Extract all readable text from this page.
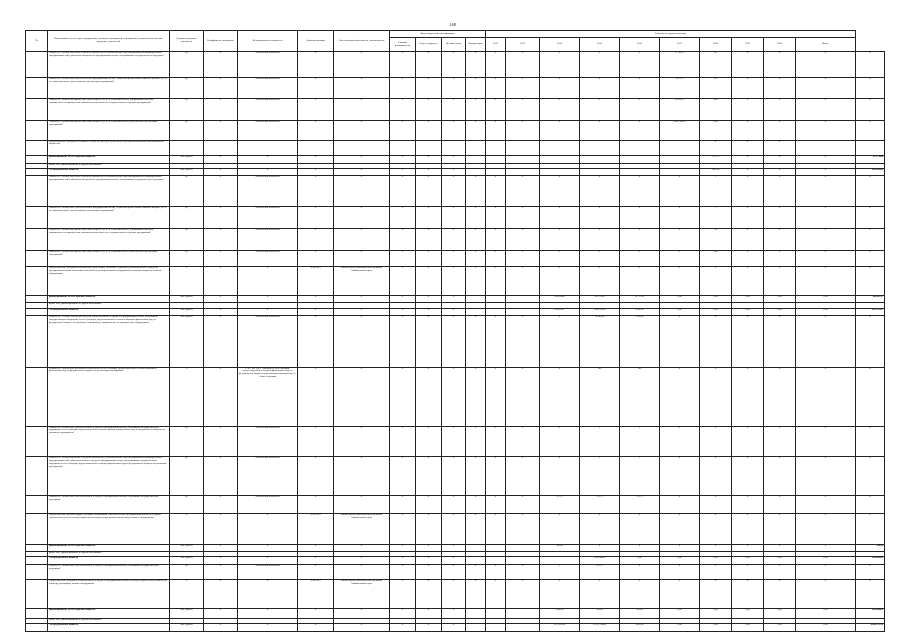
148
№	Наименование целей, задач, подпрограмм, основных мероприятий, мероприятий, ведомственных целевых программ, показателей	Единица измерения показателя	Коэффициент значимости	Методика расчета показателя	Сроки реализации	Ответственный исполнитель, соисполнитель	Коды бюджетной классификации				Значения по годам реализации										
							Главный распорядитель	Раздел, подраздел	Целевая статья	Вид расходов	2012	2013	2014	2015	2016	2017	2018	2019	2020	Итого	
	Показатель "Количество вновь созданных рабочих мест (включая вновь зарегистрированных индивидуальных предпринимателей) субъектами молодежного предпринимательства, получившими государственную поддержку"	ед.	Х	Абсолютный показатель	Х	Х	Х	Х	Х	Х	Х	Х	Х	Х	Х	27 (103*)	43	Х	Х	Х	Х
	Показатель "Количество субъектов малого предпринимательства, созданных физическими лицами в возрасте до 30 лет (включительно), вовлеченными в реализацию мероприятий"	ед.	Х	Абсолютный показатель	Х	Х	Х	Х	Х	Х	Х	Х	Х	Х	Х	20 (76*)	43	Х	Х	Х	Х
	Показатель "Количество физических лиц в возрасте до 30 лет (включительно), завершивших обучение, направленное на приобретение навыков ведения бизнеса и создания малых и средних предприятий"	ед.	Х	Абсолютный показатель	Х	Х	Х	Х	Х	Х	Х	Х	Х	Х	Х	76 (560*)	430	Х	Х	Х	Х
	Показатель "Количество физических лиц в возрасте до 30 лет (включительно), вовлеченных в реализацию мероприятий"	ед.	Х	Абсолютный показатель	Х	Х	Х	Х	Х	Х	Х	Х	Х	Х	Х	7500 (3650*)	3143	Х	Х	Х	Х
	Предоставление субсидии на создание и (или) обеспечение деятельности центров молодежного инновационного творчества																Х	Х	Х		
	финансирование за счет краевого бюджета	тыс. рублей	Х	Х	Х	Х	Х	Х	Х								115,75	Х	Х	Х	115,75000
	кроме того, финансирование из других источников:																				
	- из федерального бюджета	тыс. рублей	Х	Х	Х	Х	Х	Х	Х								2439,96	Х	Х	Х	2439,96000
	Показатель "Количество вновь созданных рабочих мест (включая вновь зарегистрированных индивидуальных предпринимателей) субъектами молодежного предпринимательства, получившими государственную поддержку"	ед.	Х	Абсолютный показатель	Х	Х	Х	Х	Х	Х	Х	Х	Х	Х	Х	Х	3	Х	Х	Х	Х
	Показатель "Количество субъектов малого предпринимательства, созданных физическими лицами в возрасте до 30 лет (включительно), вовлеченными в реализацию мероприятий"	ед.	Х	Абсолютный показатель	Х	Х	Х	Х	Х	Х	Х	Х	Х	Х	Х	Х	1	Х	Х	Х	Х
	Показатель "Количество физических лиц в возрасте до 30 лет (включительно), завершивших обучение, направленное на приобретение навыков ведения бизнеса и создания малых и средних предприятий"	ед.	Х	Абсолютный показатель	Х	Х	Х	Х	Х	Х	Х	Х	Х	Х	Х	Х	50	Х	Х	Х	Х
	Показатель "Количество физических лиц в возрасте до 30 лет (включительно), вовлеченных в реализацию мероприятий"	ед.	Х	Абсолютный показатель	Х	Х	Х	Х	Х	Х	Х	Х	Х	Х	Х	Х	500	Х	Х	Х	Х
	Предоставление субсидий на возмещение части затрат, связанных с уплатой субъектами малого и среднего предпринимательства лизинговых платежей по договорам лизинга оборудования, включая затраты на монтаж оборудования	Х	Х	Х	2014-2021	Министерство экономического развития Забайкальского края	Х	Х	Х	Х	Х	Х	Х	Х	Х	Х	Х	Х	Х	Х	Х
	финансирование за счет краевого бюджета	тыс. рублей	Х	Х	Х	Х	Х	Х	Х				100,00000	145,27450	61,71270	0,00	0,00	0,00	0,00	0,00	306,98747
	кроме того, финансирование из других источников:																				
	- из федерального бюджета	тыс. рублей	Х	Х	Х	Х	Х	Х	Х				654,45667	3968,22900	1874,585	0,00	0,00	0,00	0,00	0,00	6587,11867
	Показатель "Размер собственных средств субъектов малого и среднего предпринимательства, получивших государственную поддержку за счет субсидии, предоставленной в соответствующем финансовом году из федерального бюджета на указанные мероприятия, направленных на приобретение оборудования"	тыс. рублей	Х	Абсолютный показатель	Х	Х	Х	Х	Х	Х	Х	Х	Х	39 000,00	5700,00	Х	Х	Х	Х	Х	Х
	Показатель "Исполнение расходных обязательств за счет субсидии, предоставленной в соответствующем финансовом году из федерального бюджета на реализацию мероприятия"	%	Х	P=Pc*100, где P - расходы за счет субсидии, предоставленной в текущем финансовом году из федерального бюджета на реализацию мероприятия; Pc - объем субсидии	Х	Х	Х	Х	Х	Х	Х	Х	Х	100	100	Х	Х	Х	Х	Х	Х
	Показатель "Количество субъектов малого и среднего предпринимательства, получивших государственную поддержку за счет субсидии, предоставленной в соответствующем финансовом году из федерального бюджета на указанные мероприятия"	ед.	Х	Абсолютный показатель	Х	Х	Х	Х	Х	Х	Х	Х	Х	2	1	Х	Х	Х	Х	Х	Х
	Показатель "Количество вновь созданных рабочих мест (включая вновь зарегистрированных индивидуальных предпринимателей) субъектами малого и среднего предпринимательства, получившими государственную поддержку за счет субсидии, предоставленной в текущем финансовом году из федерального бюджета на указанные мероприятия"	ед.	Х	Абсолютный показатель	Х	Х	Х	Х	Х	Х	Х	Х	Х	2	1	Х	Х	Х	Х	Х	Х
	Показатель "Количество субъектов малого и среднего предпринимательства, получивших государственную поддержку"	ед.	Х	Абсолютный показатель	Х	Х	Х	Х	Х	Х	Х	Х	3 (5*)	2 (2*)	2 (2*)	Х	Х	Х	Х	Х	Х
	Предоставление грантов в форме субсидий начинающим субъектам малого предпринимательства на создание собственного дела (на оплату первого взноса (аванса) при заключении договора лизинга оборудования	Х	Х	Х	2014-2021	Министерство экономического развития Забайкальского края	Х	Х	Х	Х	Х	Х	Х	Х	Х	Х	Х	Х	Х	Х	Х
	финансирование за счет краевого бюджета	тыс. рублей	Х	Х	Х	Х	Х	Х	Х				300,00	0	0	0	0	0	0	0	300,00
	кроме того, финансирование из других источников:																				
	- из федерального бюджета	тыс. рублей	Х	Х	Х	Х	Х	Х	Х					1200,00000	0,00	0,00	0,00	0,00	0,00	0,00	1200,00000
	Показатель "Количество субъектов малого и среднего предпринимательства, получивших государственную поддержку"	ед.	Х	Абсолютный показатель	Х	Х	Х	Х	Х	Х	Х	Х	1	0 (0*)	0	0	0	0	0	Х	Х
	Предоставление субсидий субъектам малого и среднего предпринимательства на уплату первого взноса (аванса) по договору (договорам) лизинга оборудования	Х	Х	Х	2014-2021	Министерство экономического развития Забайкальского края	Х	Х	Х	Х	Х	Х	Х	Х	Х	Х	Х	Х	Х	Х	Х
	финансирование за счет краевого бюджета	тыс. рублей	Х	Х	Х	Х	Х	Х	Х				1 460,00	700,00	290,00	0,00	0,00	0,00	0,00	0,00	2450,00000
	кроме того, финансирование из других источников:																				
	- из федерального бюджета	тыс. рублей	Х	Х	Х	Х	Х	Х	Х				5270,05250	26 512,30000	4500,00	0,00	0,00	0,00	0,00	0,00	36282,35250
